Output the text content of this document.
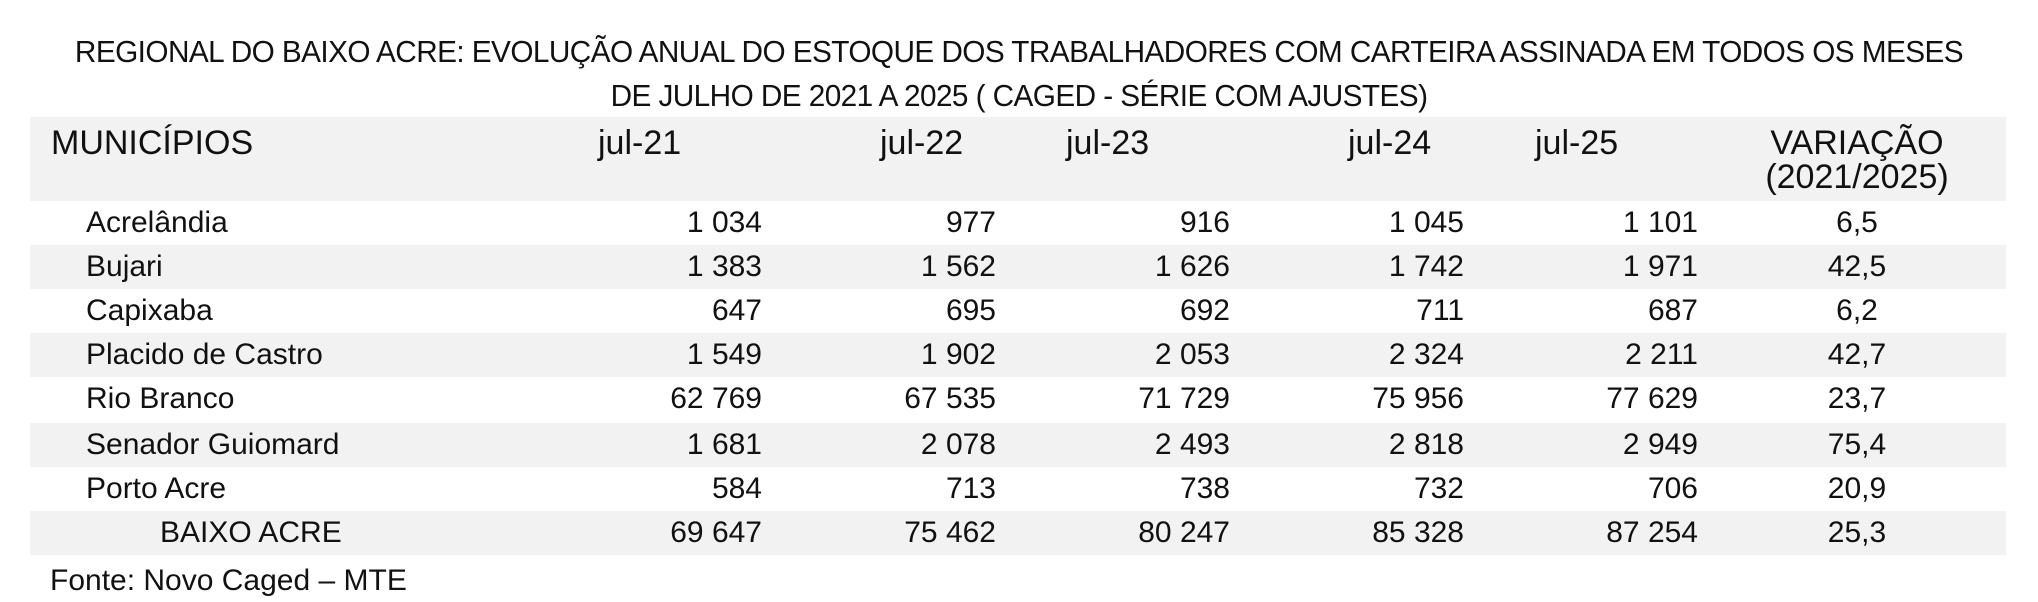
REGIONAL DO BAIXO ACRE: EVOLUÇÃO ANUAL DO ESTOQUE DOS TRABALHADORES COM CARTEIRA ASSINADA EM TODOS OS MESES
DE JULHO DE 2021 A 2025 ( CAGED - SÉRIE COM AJUSTES)
MUNICÍPIOS	jul-21	jul-22	jul-23	jul-24	jul-25	VARIAÇÃO
(2021/2025)
Acrelândia	1 034	977	916	1 045	1 101	6,5
Bujari	1 383	1 562	1 626	1 742	1 971	42,5
Capixaba	647	695	692	711	687	6,2
Placido de Castro	1 549	1 902	2 053	2 324	2 211	42,7
Rio Branco	62 769	67 535	71 729	75 956	77 629	23,7
Senador Guiomard	1 681	2 078	2 493	2 818	2 949	75,4
Porto Acre	584	713	738	732	706	20,9
BAIXO ACRE	69 647	75 462	80 247	85 328	87 254	25,3
Fonte: Novo Caged – MTE
